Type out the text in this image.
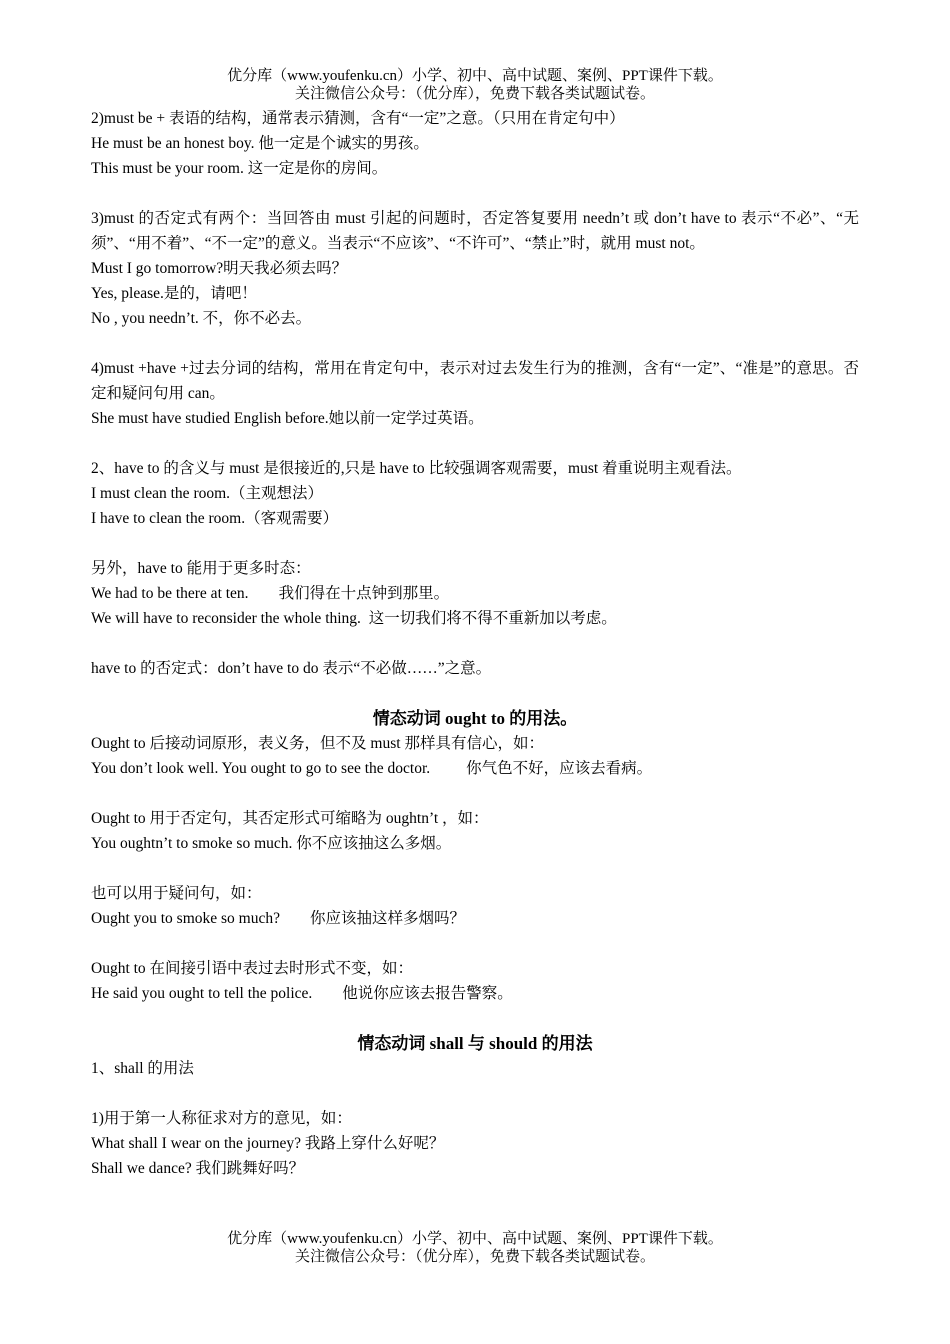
优分库（www.youfenku.cn）小学、初中、高中试题、案例、PPT课件下载。
关注微信公众号：（优分库），免费下载各类试题试卷。

2)must be + 表语的结构，通常表示猜测，含有“一定”之意。（只用在肯定句中）

He must be an honest boy. 他一定是个诚实的男孩。

This must be your room. 这一定是你的房间。

3)must 的否定式有两个：当回答由 must 引起的问题时，否定答复要用 needn’t 或 don’t have to 表示“不必”、“无须”、“用不着”、“不一定”的意义。当表示“不应该”、“不许可”、“禁止”时，就用 must not。

Must I go tomorrow?明天我必须去吗？

Yes, please.是的，请吧！

No , you needn’t. 不，你不必去。

4)must +have +过去分词的结构，常用在肯定句中，表示对过去发生行为的推测，含有“一定”、“准是”的意思。否定和疑问句用 can。

She must have studied English before.她以前一定学过英语。

2、have to 的含义与 must 是很接近的,只是 have to 比较强调客观需要，must 着重说明主观看法。

I must clean the room.（主观想法）

I have to clean the room.（客观需要）

另外，have to 能用于更多时态：

We had to be there at ten. 我们得在十点钟到那里。

We will have to reconsider the whole thing. 这一切我们将不得不重新加以考虑。

have to 的否定式：don’t have to do 表示“不必做……”之意。

情态动词 ought to 的用法。

Ought to 后接动词原形，表义务，但不及 must 那样具有信心，如：

You don’t look well. You ought to go to see the doctor. 你气色不好，应该去看病。

Ought to 用于否定句，其否定形式可缩略为 oughtn’t ，如：

You oughtn’t to smoke so much. 你不应该抽这么多烟。

也可以用于疑问句，如：

Ought you to smoke so much? 你应该抽这样多烟吗？

Ought to 在间接引语中表过去时形式不变，如：

He said you ought to tell the police. 他说你应该去报告警察。

情态动词 shall 与 should 的用法

1、shall 的用法

1)用于第一人称征求对方的意见，如：

What shall I wear on the journey? 我路上穿什么好呢？

Shall we dance? 我们跳舞好吗？

优分库（www.youfenku.cn）小学、初中、高中试题、案例、PPT课件下载。
关注微信公众号：（优分库），免费下载各类试题试卷。
